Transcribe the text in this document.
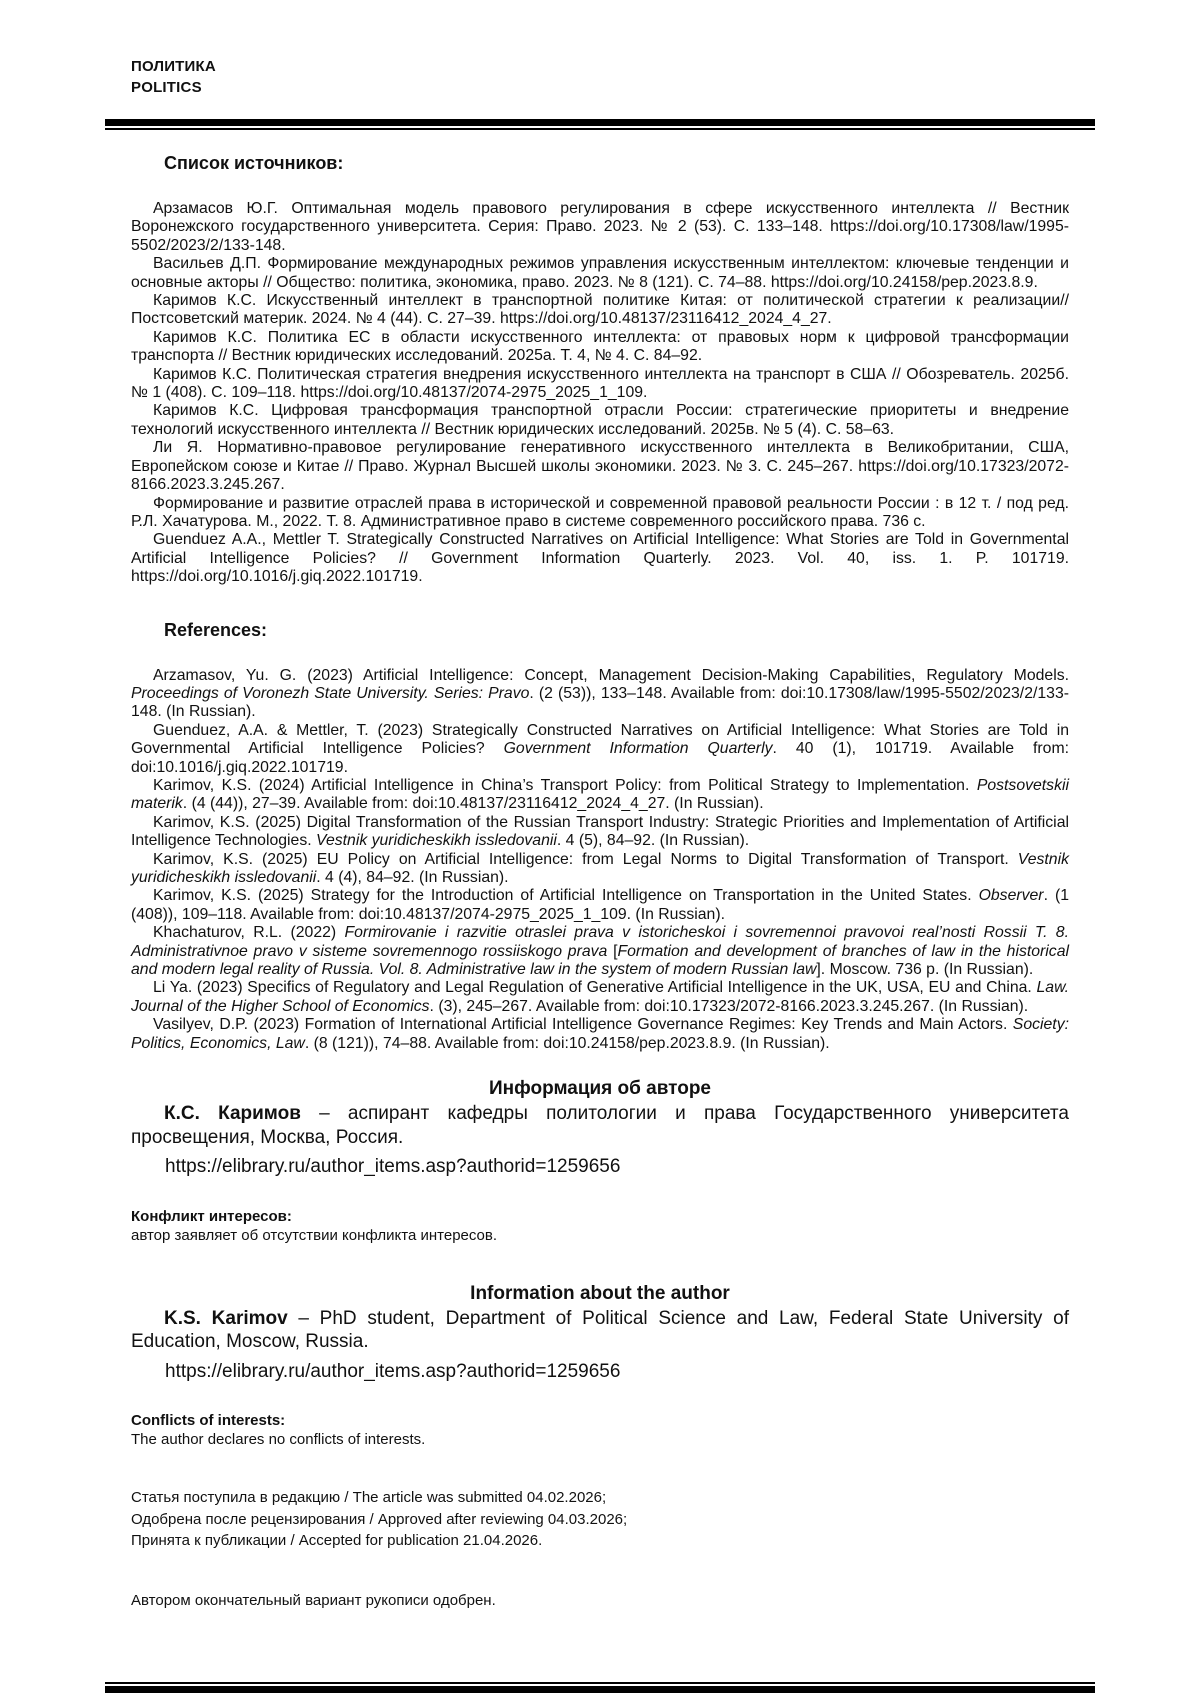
ПОЛИТИКА
POLITICS
Список источников:

Арзамасов Ю.Г. Оптимальная модель правового регулирования в сфере искусственного интеллекта // Вестник Воронежского государственного университета. Серия: Право. 2023. № 2 (53). С. 133–148. https://doi.org/10.17308/law/1995-5502/2023/2/133-148.

Васильев Д.П. Формирование международных режимов управления искусственным интеллектом: ключевые тенденции и основные акторы // Общество: политика, экономика, право. 2023. № 8 (121). С. 74–88. https://doi.org/10.24158/pep.2023.8.9.

Каримов К.С. Искусственный интеллект в транспортной политике Китая: от политической стратегии к реализации// Постсоветский материк. 2024. № 4 (44). С. 27–39. https://doi.org/10.48137/23116412_2024_4_27.

Каримов К.С. Политика ЕС в области искусственного интеллекта: от правовых норм к цифровой трансформации транспорта // Вестник юридических исследований. 2025а. Т. 4, № 4. С. 84–92.

Каримов К.С. Политическая стратегия внедрения искусственного интеллекта на транспорт в США // Обозреватель. 2025б. № 1 (408). С. 109–118. https://doi.org/10.48137/2074-2975_2025_1_109.

Каримов К.С. Цифровая трансформация транспортной отрасли России: стратегические приоритеты и внедрение технологий искусственного интеллекта // Вестник юридических исследований. 2025в. № 5 (4). С. 58–63.

Ли Я. Нормативно-правовое регулирование генеративного искусственного интеллекта в Великобритании, США, Европейском союзе и Китае // Право. Журнал Высшей школы экономики. 2023. № 3. С. 245–267. https://doi.org/10.17323/2072-8166.2023.3.245.267.

Формирование и развитие отраслей права в исторической и современной правовой реальности России : в 12 т. / под ред. Р.Л. Хачатурова. М., 2022. Т. 8. Административное право в системе современного российского права. 736 с.

Guenduez A.A., Mettler T. Strategically Constructed Narratives on Artificial Intelligence: What Stories are Told in Governmental Artificial Intelligence Policies? // Government Information Quarterly. 2023. Vol. 40, iss. 1. P. 101719. https://doi.org/10.1016/j.giq.2022.101719.

References:

Arzamasov, Yu. G. (2023) Artificial Intelligence: Concept, Management Decision-Making Capabilities, Regulatory Models. Proceedings of Voronezh State University. Series: Pravo. (2 (53)), 133–148. Available from: doi:10.17308/law/1995-5502/2023/2/133-148. (In Russian).

Guenduez, A.A. & Mettler, T. (2023) Strategically Constructed Narratives on Artificial Intelligence: What Stories are Told in Governmental Artificial Intelligence Policies? Government Information Quarterly. 40 (1), 101719. Available from: doi:10.1016/j.giq.2022.101719.

Karimov, K.S. (2024) Artificial Intelligence in China’s Transport Policy: from Political Strategy to Implementation. Postsovetskii materik. (4 (44)), 27–39. Available from: doi:10.48137/23116412_2024_4_27. (In Russian).

Karimov, K.S. (2025) Digital Transformation of the Russian Transport Industry: Strategic Priorities and Implementation of Artificial Intelligence Technologies. Vestnik yuridicheskikh issledovanii. 4 (5), 84–92. (In Russian).

Karimov, K.S. (2025) EU Policy on Artificial Intelligence: from Legal Norms to Digital Transformation of Transport. Vestnik yuridicheskikh issledovanii. 4 (4), 84–92. (In Russian).

Karimov, K.S. (2025) Strategy for the Introduction of Artificial Intelligence on Transportation in the United States. Observer. (1 (408)), 109–118. Available from: doi:10.48137/2074-2975_2025_1_109. (In Russian).

Khachaturov, R.L. (2022) Formirovanie i razvitie otraslei prava v istoricheskoi i sovremennoi pravovoi real’nosti Rossii T. 8. Administrativnoe pravo v sisteme sovremennogo rossiiskogo prava [Formation and development of branches of law in the historical and modern legal reality of Russia. Vol. 8. Administrative law in the system of modern Russian law]. Moscow. 736 p. (In Russian).

Li Ya. (2023) Specifics of Regulatory and Legal Regulation of Generative Artificial Intelligence in the UK, USA, EU and China. Law. Journal of the Higher School of Economics. (3), 245–267. Available from: doi:10.17323/2072-8166.2023.3.245.267. (In Russian).

Vasilyev, D.P. (2023) Formation of International Artificial Intelligence Governance Regimes: Key Trends and Main Actors. Society: Politics, Economics, Law. (8 (121)), 74–88. Available from: doi:10.24158/pep.2023.8.9. (In Russian).

Информация об авторе

К.С. Каримов – аспирант кафедры политологии и права Государственного университета просвещения, Москва, Россия.

https://elibrary.ru/author_items.asp?authorid=1259656

Конфликт интересов:

автор заявляет об отсутствии конфликта интересов.

Information about the author

K.S. Karimov – PhD student, Department of Political Science and Law, Federal State University of Education, Moscow, Russia.

https://elibrary.ru/author_items.asp?authorid=1259656

Conflicts of interests:

The author declares no conflicts of interests.

Статья поступила в редакцию / The article was submitted 04.02.2026;

Одобрена после рецензирования / Approved after reviewing 04.03.2026;

Принята к публикации / Accepted for publication 21.04.2026.

Автором окончательный вариант рукописи одобрен.
